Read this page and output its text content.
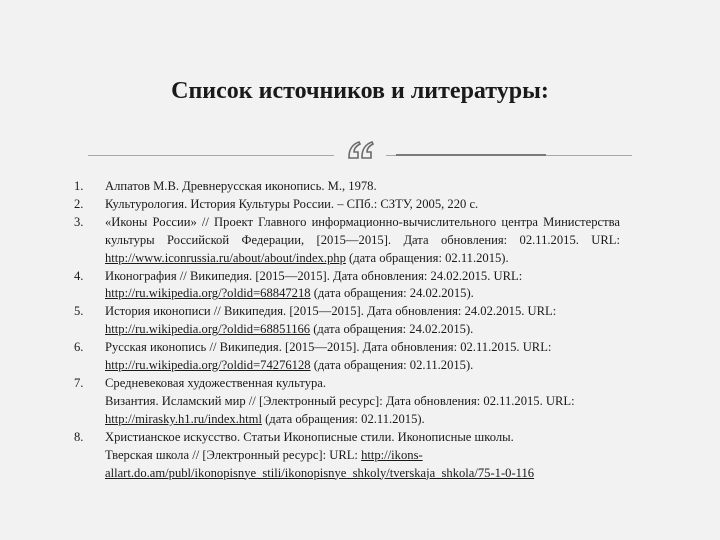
Список источников и литературы:
1. Алпатов М.В. Древнерусская иконопись. М., 1978.
2. Культурология. История Культуры России. – СПб.: СЗТУ, 2005, 220 с.
3. «Иконы России» // Проект Главного информационно-вычислительного центра Министерства культуры Российской Федерации, [2015—2015]. Дата обновления: 02.11.2015. URL: http://www.iconrussia.ru/about/about/index.php (дата обращения: 02.11.2015).
4. Иконография // Википедия. [2015—2015]. Дата обновления: 24.02.2015. URL: http://ru.wikipedia.org/?oldid=68847218 (дата обращения: 24.02.2015).
5. История иконописи // Википедия. [2015—2015]. Дата обновления: 24.02.2015. URL: http://ru.wikipedia.org/?oldid=68851166 (дата обращения: 24.02.2015).
6. Русская иконопись // Википедия. [2015—2015]. Дата обновления: 02.11.2015. URL: http://ru.wikipedia.org/?oldid=74276128 (дата обращения: 02.11.2015).
7. Средневековая художественная культура.
Византия. Исламский мир // [Электронный ресурс]: Дата обновления: 02.11.2015. URL: http://mirasky.h1.ru/index.html (дата обращения: 02.11.2015).
8. Христианское искусство. Статьи Иконописные стили. Иконописные школы.
Тверская школа // [Электронный ресурс]: URL: http://ikons-allart.do.am/publ/ikonopisnye_stili/ikonopisnye_shkoly/tverskaja_shkola/75-1-0-116
